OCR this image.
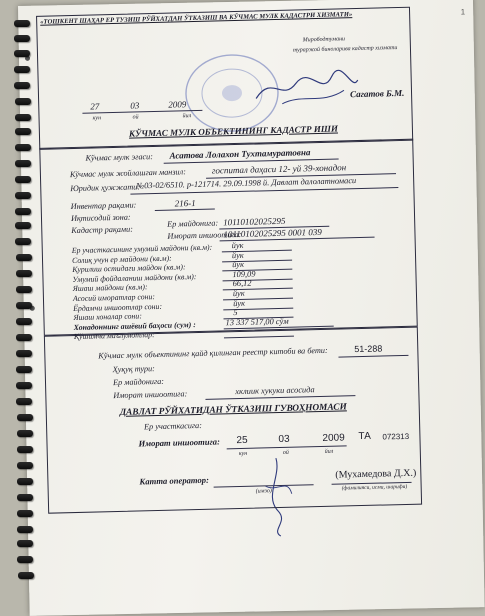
1
«ТОШКЕНТ ШАҲАР ЕР ТУЗИШ РЎЙХАТДАН ЎТКАЗИШ ВА КЎЧМАС МУЛК КАДАСТРИ ХИЗМАТИ»
Мирободтумани
тураржой биноларива кадастр хизмати
Сагатов Б.М.
27	03	2009
кун	ой	йил
КЎЧМАС МУЛК ОБЪЕКТИНИНГ КАДАСТР ИШИ
Кўчмас мулк эгаси: Асатова Лолахон Тухтамуратовна
Кўчмас мулк жойлашган манзил:	госпитал даҳаси 12- уй 39-хонадон
Юридик ҳужжати:
№03-02/6510. р-121714. 29.09.1998 й. Давлат далолатномаси
Инвентар рақами:	216-1
Иқтисодий зона:
Кадастр рақами:
Ер майдонига: 10110102025295
Иморат иншоотига:
10110102025295 0001 039
Ер участкасининг умумий майдони (кв.м): йук
Солиқ учун ер майдони (кв.м):	йук
Қурилиш остидаги майдон (кв.м):	йук
Умумий фойдаланиш майдони (кв.м):	109,09
Яшаш майдони (кв.м):	66,12
Асосий иморатлар сони:	йук
Ёрдамчи иншоотлар сони:	йук
Яшаш хоналар сони:	5
Хонадоннинг ашёвий баҳоси (сум) :	13 337 517,00 сўм
Қўшимча маълумотлар:
Кўчмас мулк объектининг қайд қилинган реестр китоби ва бети:	51-288
Ҳуқуқ тури:
Ер майдонига:
Иморат иншоотига:	хклиик хукуки асосида
ДАВЛАТ РЎЙХАТИДАН ЎТКАЗИШ ГУВОҲНОМАСИ
Ер участкасига:
Иморат иншоотига: 25	03	2009 ТА 072313
кун	ой	йил
Катта оператор:
(имзо)
(Мухамедова Д.Х.)
(фамилияси, исми, шарифи)
